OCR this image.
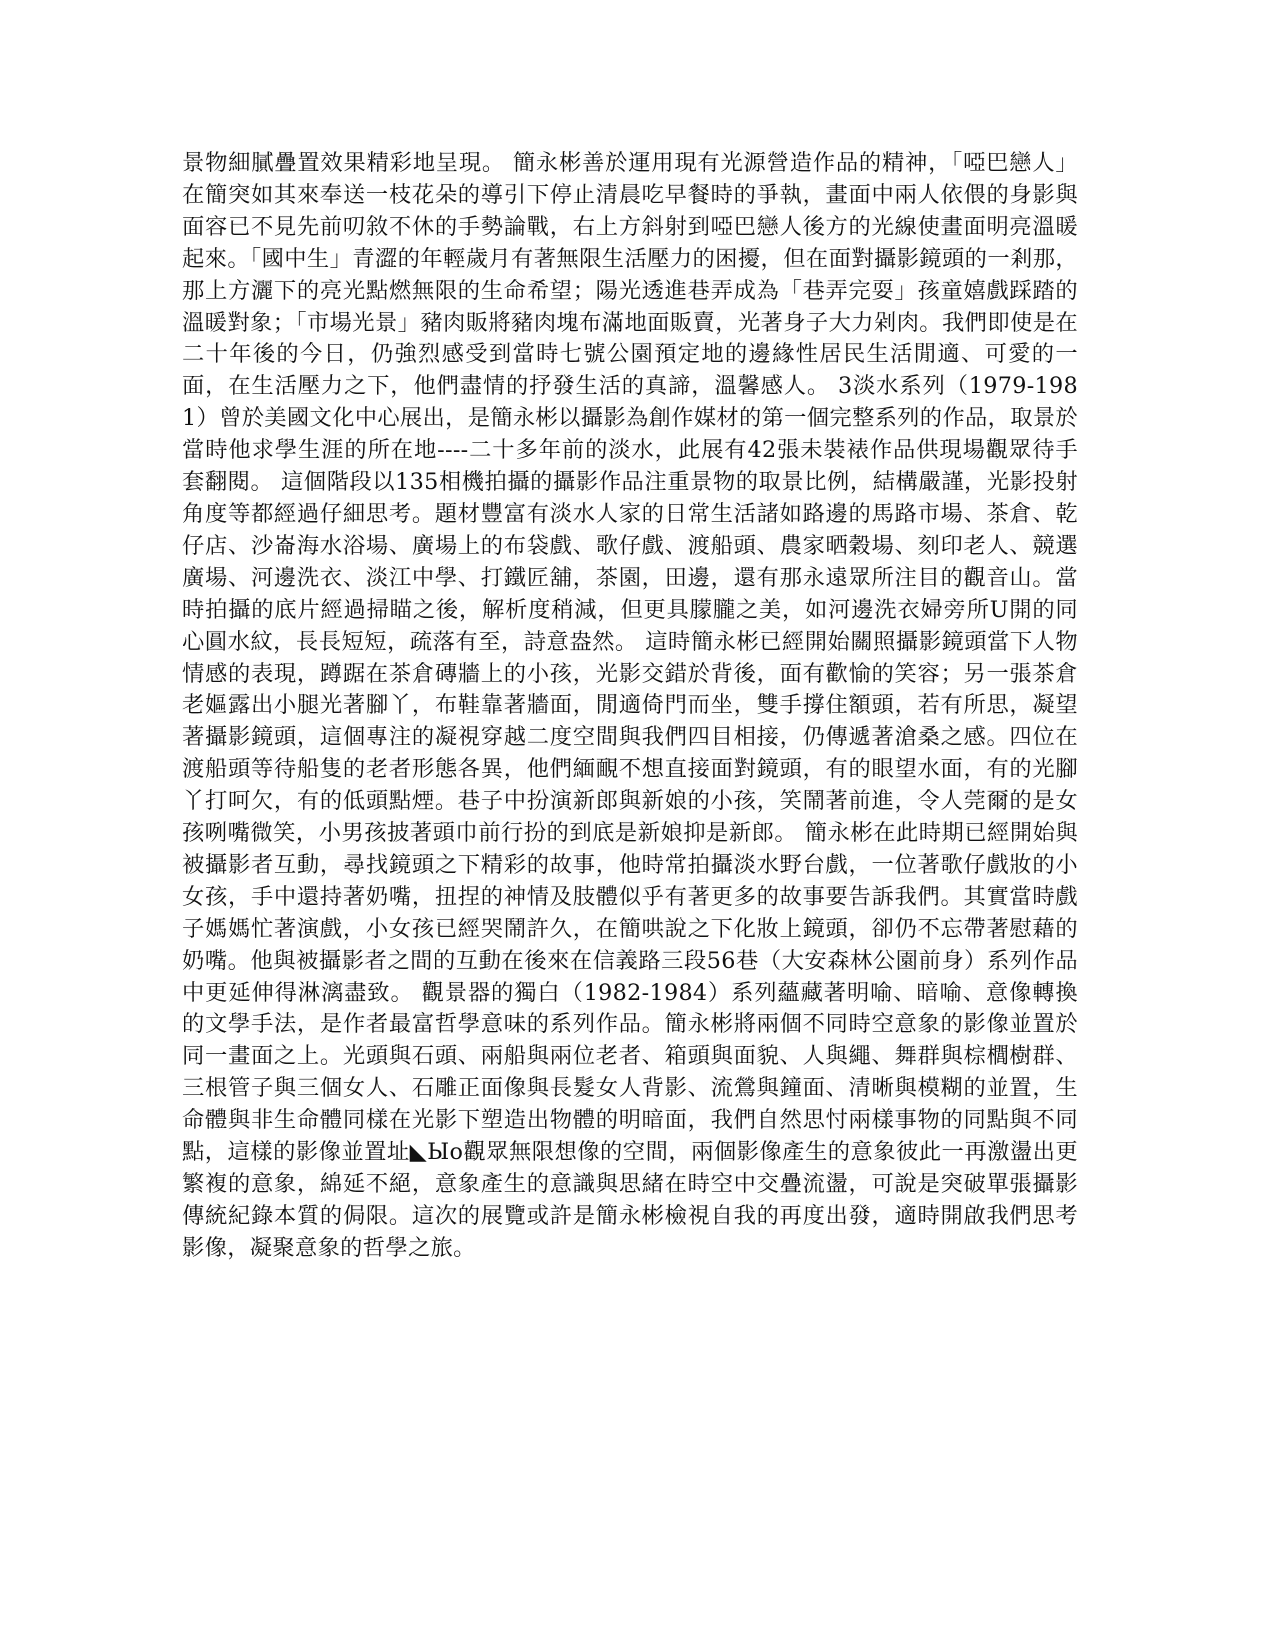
景物細膩疊置效果精彩地呈現。 簡永彬善於運用現有光源營造作品的精神，「啞巴戀人」在簡突如其來奉送一枝花朵的導引下停止清晨吃早餐時的爭執，畫面中兩人依偎的身影與面容已不見先前叨敘不休的手勢論戰，右上方斜射到啞巴戀人後方的光線使畫面明亮溫暖起來。「國中生」青澀的年輕歲月有著無限生活壓力的困擾，但在面對攝影鏡頭的一剎那，那上方灑下的亮光點燃無限的生命希望；陽光透進巷弄成為「巷弄完耍」孩童嬉戲踩踏的溫暖對象；「市場光景」豬肉販將豬肉塊布滿地面販賣，光著身子大力剁肉。我們即使是在二十年後的今日，仍強烈感受到當時七號公園預定地的邊緣性居民生活閒適、可愛的一面，在生活壓力之下，他們盡情的抒發生活的真諦，溫馨感人。 3淡水系列（1979-1981）曾於美國文化中心展出，是簡永彬以攝影為創作媒材的第一個完整系列的作品，取景於當時他求學生涯的所在地----二十多年前的淡水，此展有42張未裝裱作品供現場觀眾待手套翻閱。 這個階段以135相機拍攝的攝影作品注重景物的取景比例，結構嚴謹，光影投射角度等都經過仔細思考。題材豐富有淡水人家的日常生活諸如路邊的馬路市場、茶倉、乾仔店、沙崙海水浴場、廣場上的布袋戲、歌仔戲、渡船頭、農家晒穀場、刻印老人、競選廣場、河邊洗衣、淡江中學、打鐵匠舖，茶園，田邊，還有那永遠眾所注目的觀音山。當時拍攝的底片經過掃瞄之後，解析度稍減，但更具朦朧之美，如河邊洗衣婦旁所U開的同心圓水紋，長長短短，疏落有至，詩意盎然。 這時簡永彬已經開始關照攝影鏡頭當下人物情感的表現，蹲踞在茶倉磚牆上的小孩，光影交錯於背後，面有歡愉的笑容；另一張茶倉老嫗露出小腿光著腳丫，布鞋靠著牆面，閒適倚門而坐，雙手撐住額頭，若有所思，凝望著攝影鏡頭，這個專注的凝視穿越二度空間與我們四目相接，仍傳遞著滄桑之感。四位在渡船頭等待船隻的老者形態各異，他們緬靦不想直接面對鏡頭，有的眼望水面，有的光腳丫打呵欠，有的低頭點煙。巷子中扮演新郎與新娘的小孩，笑鬧著前進，令人莞爾的是女孩咧嘴微笑，小男孩披著頭巾前行扮的到底是新娘抑是新郎。 簡永彬在此時期已經開始與被攝影者互動，尋找鏡頭之下精彩的故事，他時常拍攝淡水野台戲，一位著歌仔戲妝的小女孩，手中還持著奶嘴，扭捏的神情及肢體似乎有著更多的故事要告訴我們。其實當時戲子媽媽忙著演戲，小女孩已經哭鬧許久，在簡哄說之下化妝上鏡頭，卻仍不忘帶著慰藉的奶嘴。他與被攝影者之間的互動在後來在信義路三段56巷（大安森林公園前身）系列作品中更延伸得淋漓盡致。 觀景器的獨白（1982-1984）系列蘊藏著明喻、暗喻、意像轉換的文學手法，是作者最富哲學意味的系列作品。簡永彬將兩個不同時空意象的影像並置於同一畫面之上。光頭與石頭、兩船與兩位老者、箱頭與面貌、人與繩、舞群與棕櫚樹群、三根管子與三個女人、石雕正面像與長髮女人背影、流鶯與鐘面、清晰與模糊的並置，生命體與非生命體同樣在光影下塑造出物體的明暗面，我們自然思忖兩樣事物的同點與不同點，這樣的影像並置址◣Ыo觀眾無限想像的空間，兩個影像產生的意象彼此一再激盪出更繁複的意象，綿延不絕，意象產生的意識與思緒在時空中交疊流盪，可說是突破單張攝影傳統紀錄本質的侷限。這次的展覽或許是簡永彬檢視自我的再度出發，適時開啟我們思考影像，凝聚意象的哲學之旅。
